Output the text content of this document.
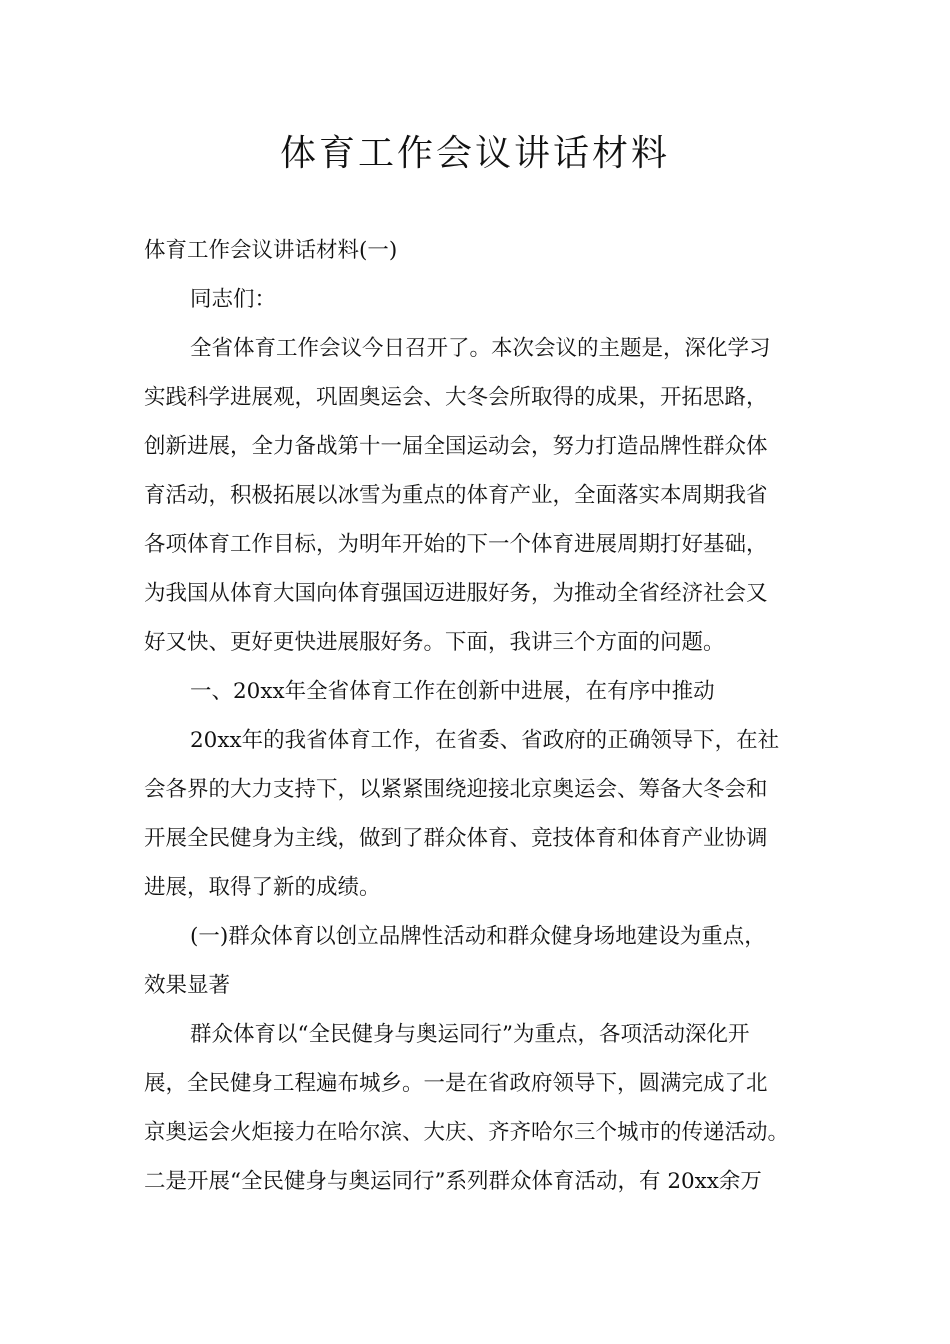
体育工作会议讲话材料
体育工作会议讲话材料(一)
同志们：
全省体育工作会议今日召开了。本次会议的主题是，深化学习
实践科学进展观，巩固奥运会、大冬会所取得的成果，开拓思路，
创新进展，全力备战第十一届全国运动会，努力打造品牌性群众体
育活动，积极拓展以冰雪为重点的体育产业，全面落实本周期我省
各项体育工作目标，为明年开始的下一个体育进展周期打好基础，
为我国从体育大国向体育强国迈进服好务，为推动全省经济社会又
好又快、更好更快进展服好务。下面，我讲三个方面的问题。
一、20xx年全省体育工作在创新中进展，在有序中推动
20xx年的我省体育工作，在省委、省政府的正确领导下，在社
会各界的大力支持下，以紧紧围绕迎接北京奥运会、筹备大冬会和
开展全民健身为主线，做到了群众体育、竞技体育和体育产业协调
进展，取得了新的成绩。
(一)群众体育以创立品牌性活动和群众健身场地建设为重点，
效果显著
群众体育以“全民健身与奥运同行”为重点，各项活动深化开
展，全民健身工程遍布城乡。一是在省政府领导下，圆满完成了北
京奥运会火炬接力在哈尔滨、大庆、齐齐哈尔三个城市的传递活动。
二是开展“全民健身与奥运同行”系列群众体育活动，有 20xx余万
